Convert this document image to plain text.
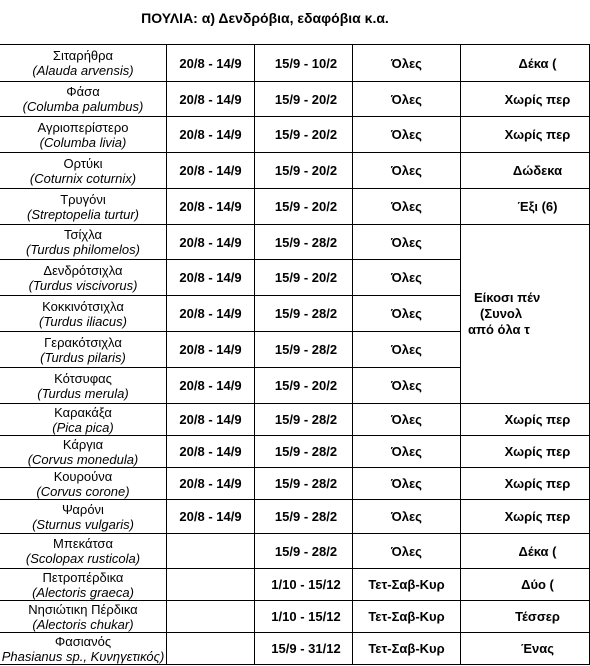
ΠΟΥΛΙΑ: α) Δενδρόβια, εδαφόβια κ.α.
Σιταρήθρα
(Alauda arvensis)	20/8 - 14/9	15/9 - 10/2	Όλες	Δέκα (

Φάσα
(Columba palumbus)	20/8 - 14/9	15/9 - 20/2	Όλες	Χωρίς περ

Αγριοπερίστερο
(Columba livia)	20/8 - 14/9	15/9 - 20/2	Όλες	Χωρίς περ

Ορτύκι
(Coturnix coturnix)	20/8 - 14/9	15/9 - 20/2	Όλες	Δώδεκα

Τρυγόνι
(Streptopelia turtur)	20/8 - 14/9	15/9 - 20/2	Όλες	Έξι (6)

Τσίχλα
(Turdus philomelos)	20/8 - 14/9	15/9 - 28/2	Όλες	Είκοσι πέν
(Συνολ
από όλα τ

Δενδρότσιχλα
(Turdus viscivorus)	20/8 - 14/9	15/9 - 20/2	Όλες	

Κοκκινότσιχλα
(Turdus iliacus)	20/8 - 14/9	15/9 - 28/2	Όλες	

Γερακότσιχλα
(Turdus pilaris)	20/8 - 14/9	15/9 - 28/2	Όλες	

Κότσυφας
(Turdus merula)	20/8 - 14/9	15/9 - 20/2	Όλες	

Καρακάξα
(Pica pica)	20/8 - 14/9	15/9 - 28/2	Όλες	Χωρίς περ

Κάργια
(Corvus monedula)	20/8 - 14/9	15/9 - 28/2	Όλες	Χωρίς περ

Κουρούνα
(Corvus corone)	20/8 - 14/9	15/9 - 28/2	Όλες	Χωρίς περ

Ψαρόνι
(Sturnus vulgaris)	20/8 - 14/9	15/9 - 28/2	Όλες	Χωρίς περ

Μπεκάτσα
(Scolopax rusticola)		15/9 - 28/2	Όλες	Δέκα (

Πετροπέρδικα
(Alectoris graeca)		1/10 - 15/12	Τετ-Σαβ-Κυρ	Δύο (

Νησιώτικη Πέρδικα
(Alectoris chukar)		1/10 - 15/12	Τετ-Σαβ-Κυρ	Τέσσερ

Φασιανός
Phasianus sp., Κυνηγετικός)		15/9 - 31/12	Τετ-Σαβ-Κυρ	Ένας
